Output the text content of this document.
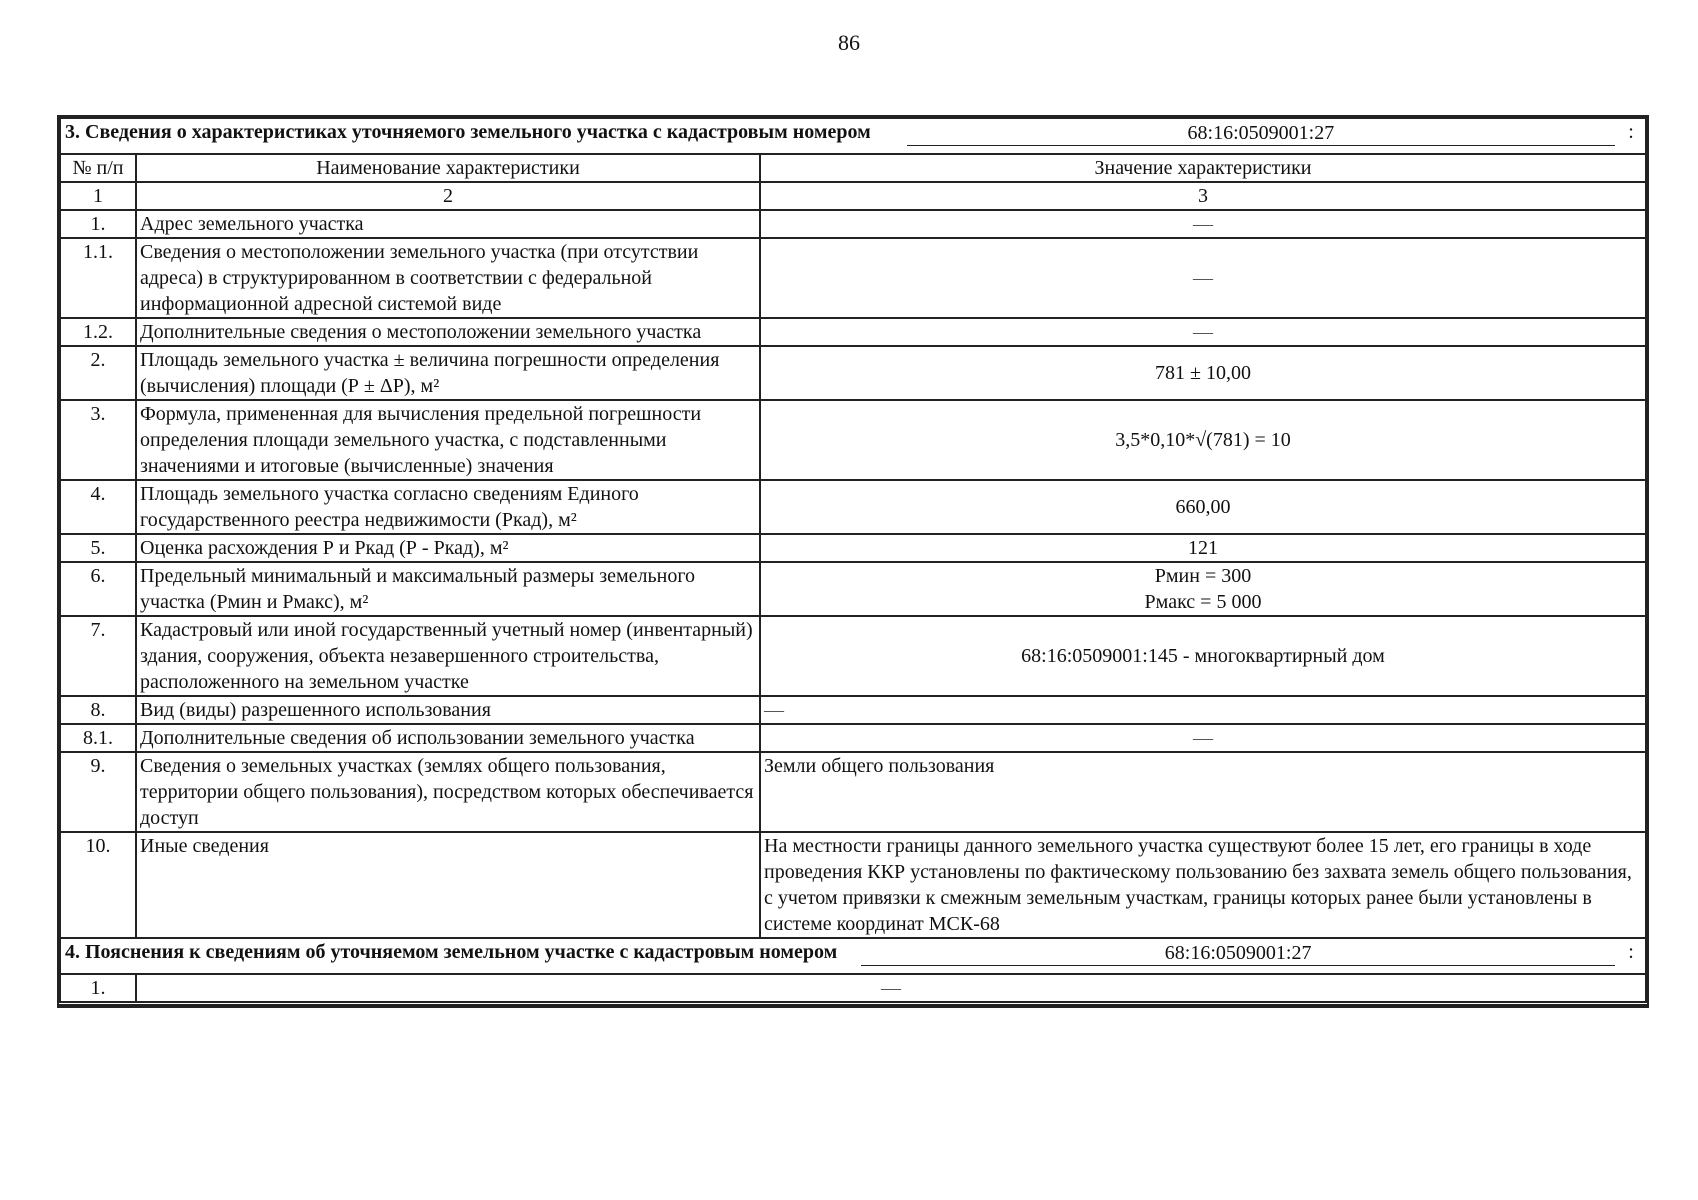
86
3. Сведения о характеристиках уточняемого земельного участка с кадастровым номером 68:16:0509001:27 :		

№ п/п	Наименование характеристики	Значение характеристики
1	2	3
1.	Адрес земельного участка	—
1.1.	Сведения о местоположении земельного участка (при отсутствии адреса) в структурированном в соответствии с федеральной информационной адресной системой виде	—
1.2.	Дополнительные сведения о местоположении земельного участка	—
2.	Площадь земельного участка ± величина погрешности определения (вычисления) площади (Р ± ΔР), м²	781 ± 10,00
3.	Формула, примененная для вычисления предельной погрешности определения площади земельного участка, с подставленными значениями и итоговые (вычисленные) значения	3,5*0,10*√(781) = 10
4.	Площадь земельного участка согласно сведениям Единого государственного реестра недвижимости (Ркад), м²	660,00
5.	Оценка расхождения Р и Ркад (Р - Ркад), м²	121
6.	Предельный минимальный и максимальный размеры земельного участка (Рмин и Рмакс), м²	Рмин = 300
Рмакс = 5 000

7.	Кадастровый или иной государственный учетный номер (инвентарный) здания, сооружения, объекта незавершенного строительства, расположенного на земельном участке	68:16:0509001:145 - многоквартирный дом
8.	Вид (виды) разрешенного использования	—
8.1.	Дополнительные сведения об использовании земельного участка	—
9.	Сведения о земельных участках (землях общего пользования, территории общего пользования), посредством которых обеспечивается доступ	Земли общего пользования
10.	Иные сведения	На местности границы данного земельного участка существуют более 15 лет, его границы в ходе проведения ККР установлены по фактическому пользованию без захвата земель общего пользования, с учетом привязки к смежным земельным участкам, границы которых ранее были установлены в системе координат МСК-68

4. Пояснения к сведениям об уточняемом земельном участке с кадастровым номером 68:16:0509001:27 :		

1.	—	
